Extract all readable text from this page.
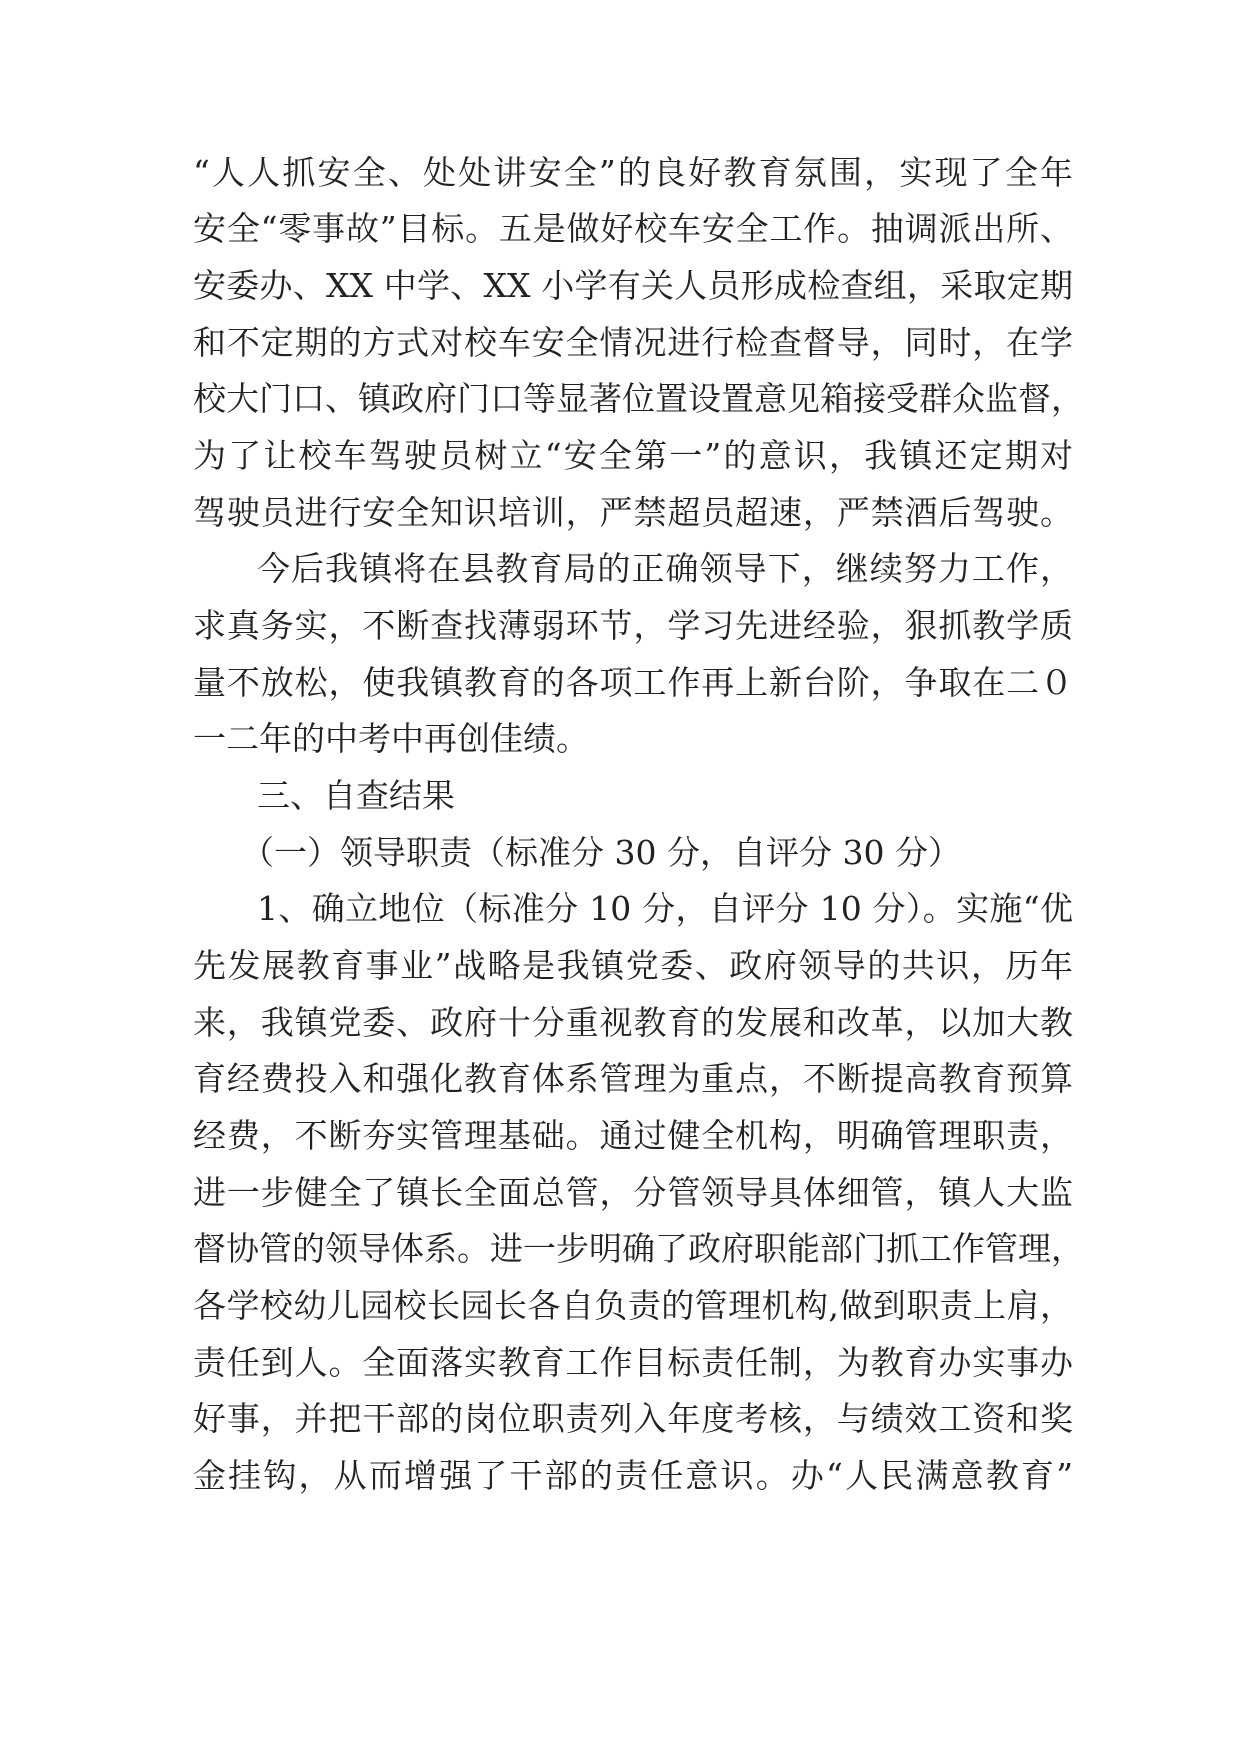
“人人抓安全、处处讲安全”的良好教育氛围，实现了全年
安全“零事故”目标。五是做好校车安全工作。抽调派出所、
安委办、XX 中学、XX 小学有关人员形成检查组，采取定期
和不定期的方式对校车安全情况进行检查督导，同时，在学
校大门口、镇政府门口等显著位置设置意见箱接受群众监督，
为了让校车驾驶员树立“安全第一”的意识，我镇还定期对
驾驶员进行安全知识培训，严禁超员超速，严禁酒后驾驶。
今后我镇将在县教育局的正确领导下，继续努力工作，
求真务实，不断查找薄弱环节，学习先进经验，狠抓教学质
量不放松，使我镇教育的各项工作再上新台阶，争取在二０
一二年的中考中再创佳绩。
三、自查结果
（一）领导职责（标准分 30 分，自评分 30 分）
1、确立地位（标准分 10 分，自评分 10 分）。实施“优
先发展教育事业”战略是我镇党委、政府领导的共识，历年
来，我镇党委、政府十分重视教育的发展和改革，以加大教
育经费投入和强化教育体系管理为重点，不断提高教育预算
经费，不断夯实管理基础。通过健全机构，明确管理职责，
进一步健全了镇长全面总管，分管领导具体细管，镇人大监
督协管的领导体系。进一步明确了政府职能部门抓工作管理，
各学校幼儿园校长园长各自负责的管理机构,做到职责上肩，
责任到人。全面落实教育工作目标责任制，为教育办实事办
好事，并把干部的岗位职责列入年度考核，与绩效工资和奖
金挂钩，从而增强了干部的责任意识。办“人民满意教育”
